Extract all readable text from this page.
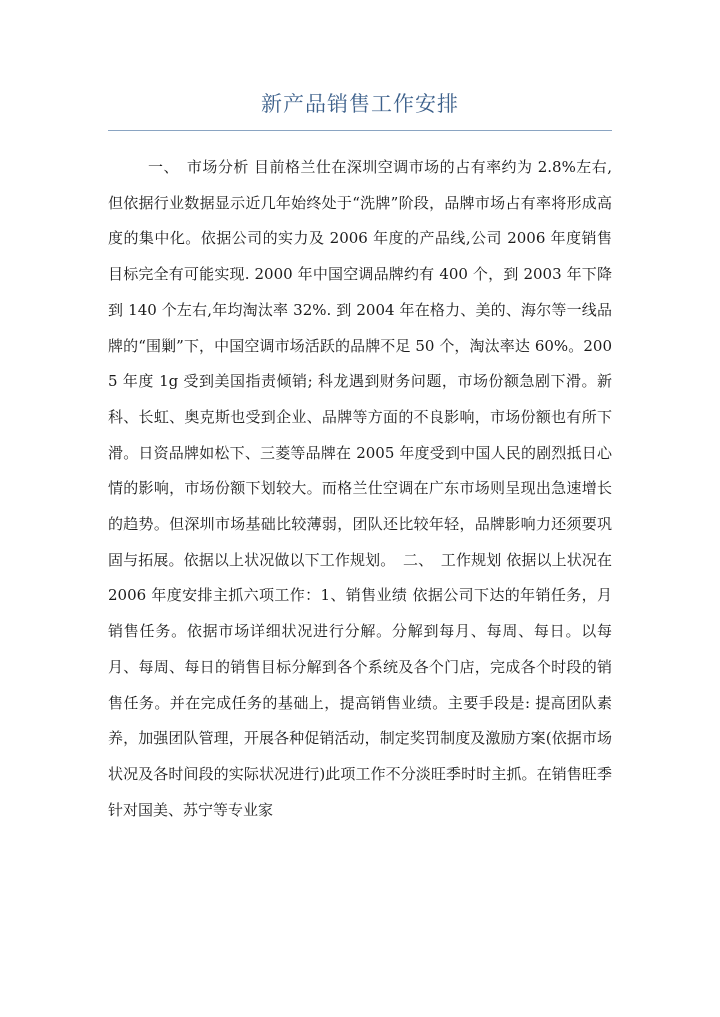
新产品销售工作安排

一、　市场分析 目前格兰仕在深圳空调市场的占有率约为 2.8%左右,但依据行业数据显示近几年始终处于“洗牌”阶段，品牌市场占有率将形成高度的集中化。依据公司的实力及 2006 年度的产品线,公司 2006 年度销售目标完全有可能实现. 2000 年中国空调品牌约有 400 个，到 2003 年下降到 140 个左右,年均淘汰率 32%. 到 2004 年在格力、美的、海尔等一线品牌的“围剿”下，中国空调市场活跃的品牌不足 50 个，淘汰率达 60%。2005 年度 1g 受到美国指责倾销; 科龙遇到财务问题，市场份额急剧下滑。新科、长虹、奥克斯也受到企业、品牌等方面的不良影响，市场份额也有所下滑。日资品牌如松下、三菱等品牌在 2005 年度受到中国人民的剧烈抵日心情的影响，市场份额下划较大。而格兰仕空调在广东市场则呈现出急速增长的趋势。但深圳市场基础比较薄弱，团队还比较年轻，品牌影响力还须要巩固与拓展。依据以上状况做以下工作规划。　二、　工作规划 依据以上状况在 2006 年度安排主抓六项工作：1、销售业绩 依据公司下达的年销任务，月销售任务。依据市场详细状况进行分解。分解到每月、每周、每日。以每月、每周、每日的销售目标分解到各个系统及各个门店，完成各个时段的销售任务。并在完成任务的基础上，提高销售业绩。主要手段是: 提高团队素养，加强团队管理，开展各种促销活动，制定奖罚制度及激励方案(依据市场状况及各时间段的实际状况进行)此项工作不分淡旺季时时主抓。在销售旺季针对国美、苏宁等专业家
